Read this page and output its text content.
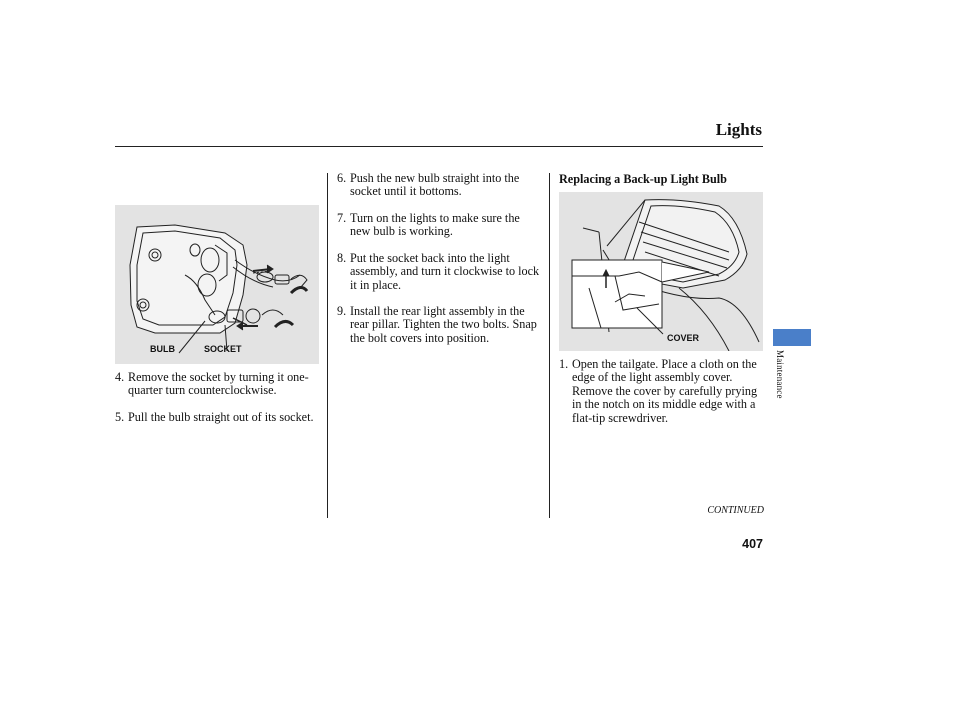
Lights
BULB	SOCKET
4. Remove the socket by turning it one-quarter turn counterclockwise.
5. Pull the bulb straight out of its socket.
6. Push the new bulb straight into the socket until it bottoms.
7. Turn on the lights to make sure the new bulb is working.
8. Put the socket back into the light assembly, and turn it clockwise to lock it in place.
9. Install the rear light assembly in the rear pillar. Tighten the two bolts. Snap the bolt covers into position.
Replacing a Back-up Light Bulb
COVER
1. Open the tailgate. Place a cloth on the edge of the light assembly cover. Remove the cover by carefully prying in the notch on its middle edge with a flat-tip screwdriver.
Maintenance
CONTINUED
407
